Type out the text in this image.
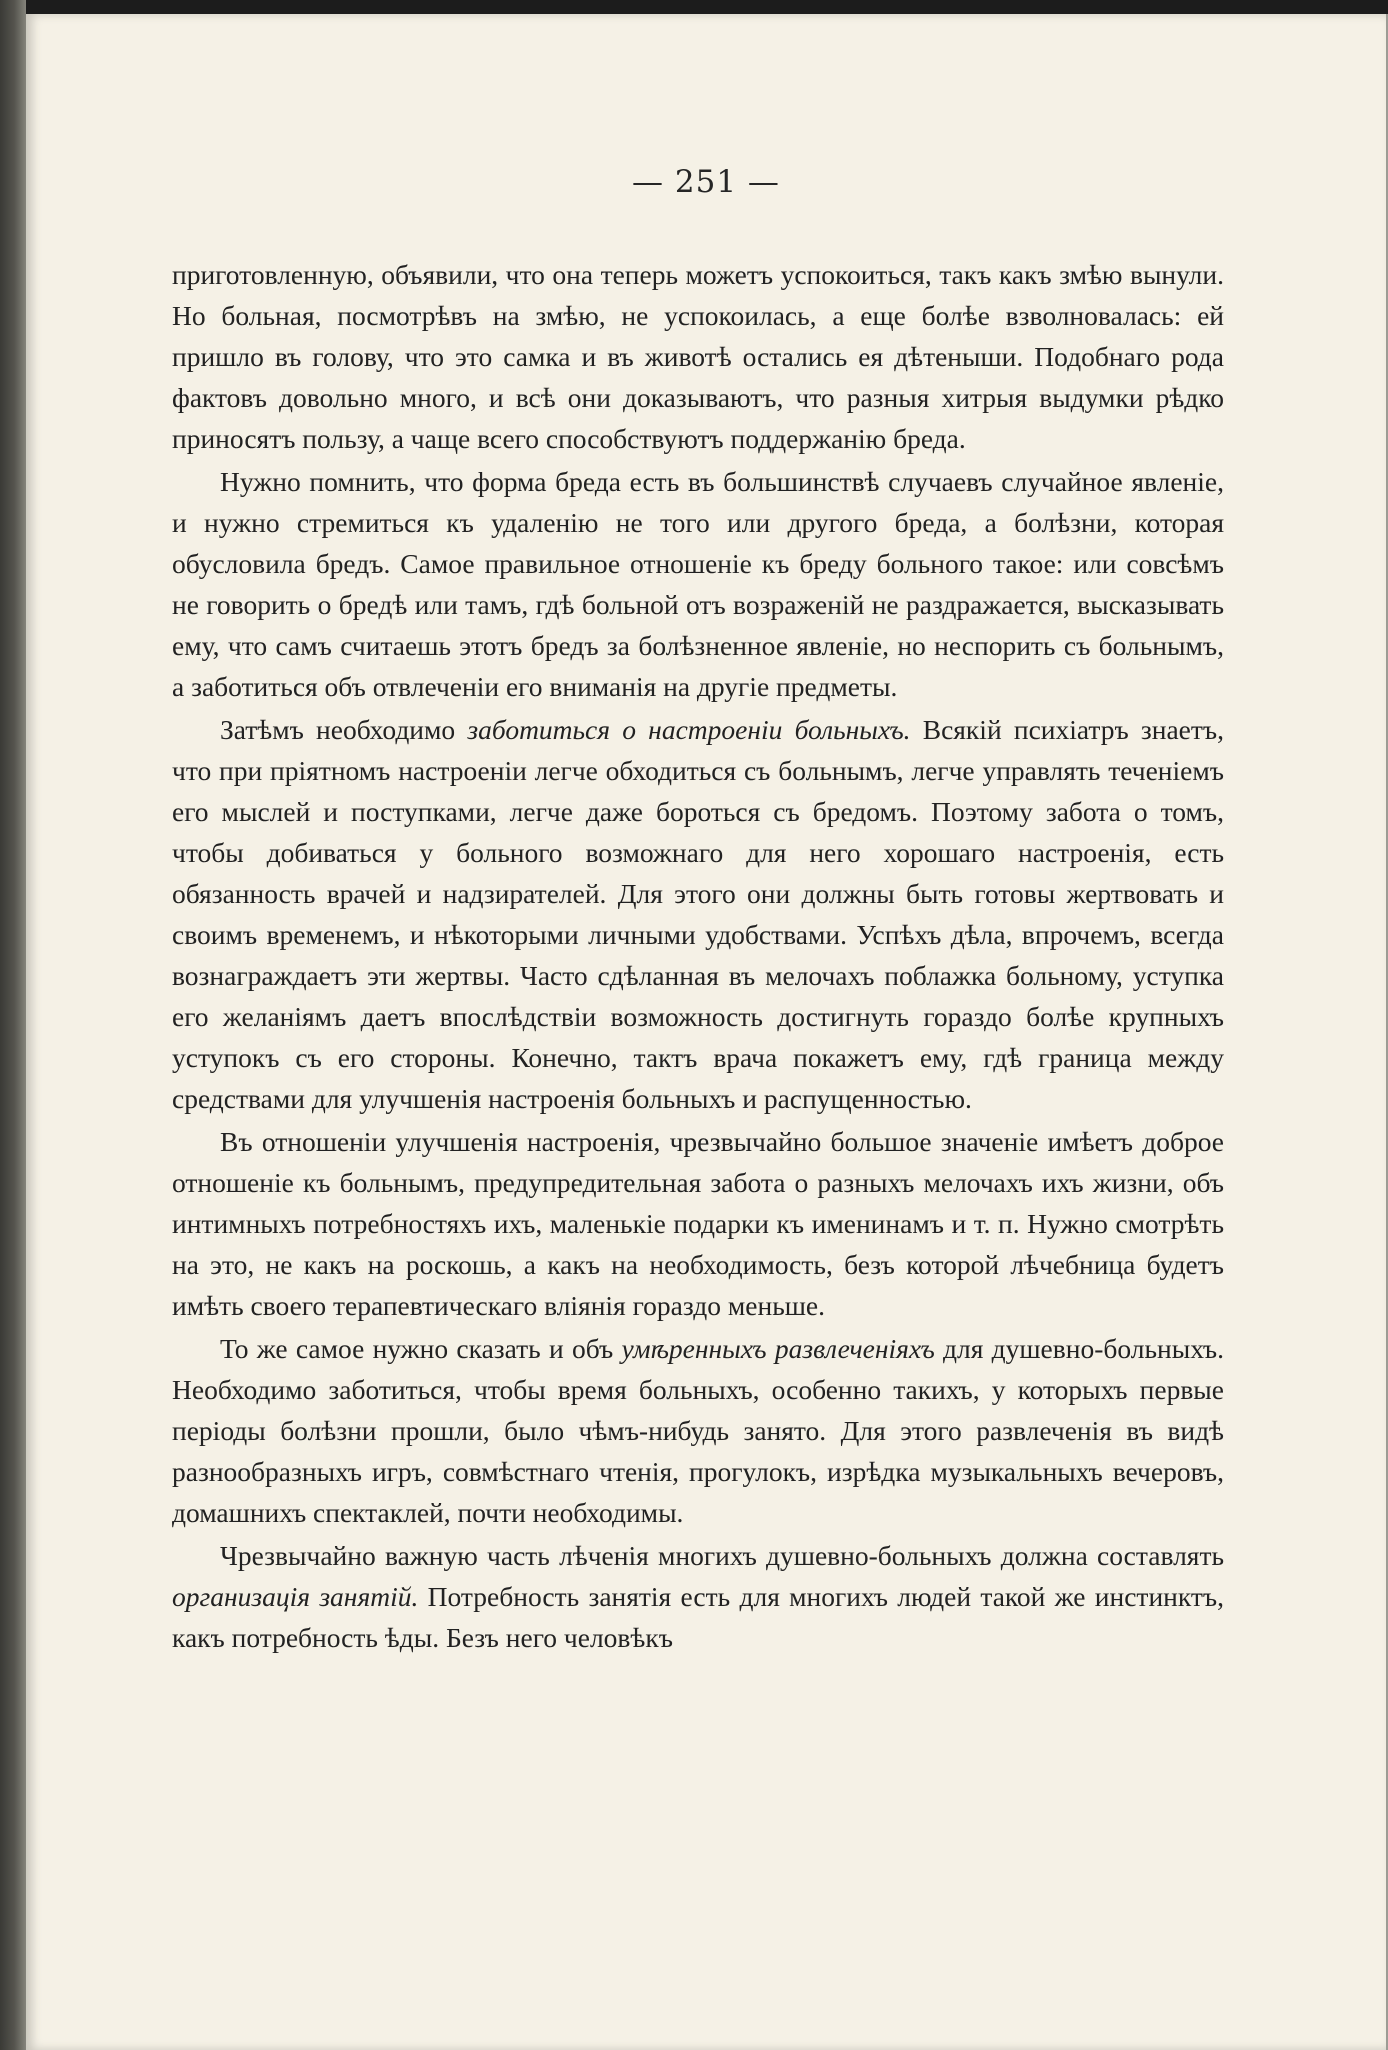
— 251 —

приготовленную, объявили, что она теперь можетъ успокоиться, такъ какъ змѣю вынули. Но больная, посмотрѣвъ на змѣю, не успокоилась, а еще болѣе взволновалась: ей пришло въ голову, что это самка и въ животѣ остались ея дѣтеныши. Подобнаго рода фактовъ довольно много, и всѣ они доказываютъ, что разныя хитрыя выдумки рѣдко приносятъ пользу, а чаще всего способствуютъ поддержанію бреда.

Нужно помнить, что форма бреда есть въ большинствѣ случаевъ случайное явленіе, и нужно стремиться къ удаленію не того или другого бреда, а болѣзни, которая обусловила бредъ. Самое правильное отношеніе къ бреду больного такое: или совсѣмъ не говорить о бредѣ или тамъ, гдѣ больной отъ возраженій не раздражается, высказывать ему, что самъ считаешь этотъ бредъ за болѣзненное явленіе, но неспорить съ больнымъ, а заботиться объ отвлеченіи его вниманія на другіе предметы.

Затѣмъ необходимо заботиться о настроеніи больныхъ. Всякій психіатръ знаетъ, что при пріятномъ настроеніи легче обходиться съ больнымъ, легче управлять теченіемъ его мыслей и поступками, легче даже бороться съ бредомъ. Поэтому забота о томъ, чтобы добиваться у больного возможнаго для него хорошаго настроенія, есть обязанность врачей и надзирателей. Для этого они должны быть готовы жертвовать и своимъ временемъ, и нѣкоторыми личными удобствами. Успѣхъ дѣла, впрочемъ, всегда вознаграждаетъ эти жертвы. Часто сдѣланная въ мелочахъ поблажка больному, уступка его желаніямъ даетъ впослѣдствіи возможность достигнуть гораздо болѣе крупныхъ уступокъ съ его стороны. Конечно, тактъ врача покажетъ ему, гдѣ граница между средствами для улучшенія настроенія больныхъ и распущенностью.

Въ отношеніи улучшенія настроенія, чрезвычайно большое значеніе имѣетъ доброе отношеніе къ больнымъ, предупредительная забота о разныхъ мелочахъ ихъ жизни, объ интимныхъ потребностяхъ ихъ, маленькіе подарки къ именинамъ и т. п. Нужно смотрѣть на это, не какъ на роскошь, а какъ на необходимость, безъ которой лѣчебница будетъ имѣть своего терапевтическаго вліянія гораздо меньше.

То же самое нужно сказать и объ умѣренныхъ развлеченіяхъ для душевно-больныхъ. Необходимо заботиться, чтобы время больныхъ, особенно такихъ, у которыхъ первые періоды болѣзни прошли, было чѣмъ-нибудь занято. Для этого развлеченія въ видѣ разнообразныхъ игръ, совмѣстнаго чтенія, прогулокъ, изрѣдка музыкальныхъ вечеровъ, домашнихъ спектаклей, почти необходимы.

Чрезвычайно важную часть лѣченія многихъ душевно-больныхъ должна составлять организація занятій. Потребность занятія есть для многихъ людей такой же инстинктъ, какъ потребность ѣды. Безъ него человѣкъ
